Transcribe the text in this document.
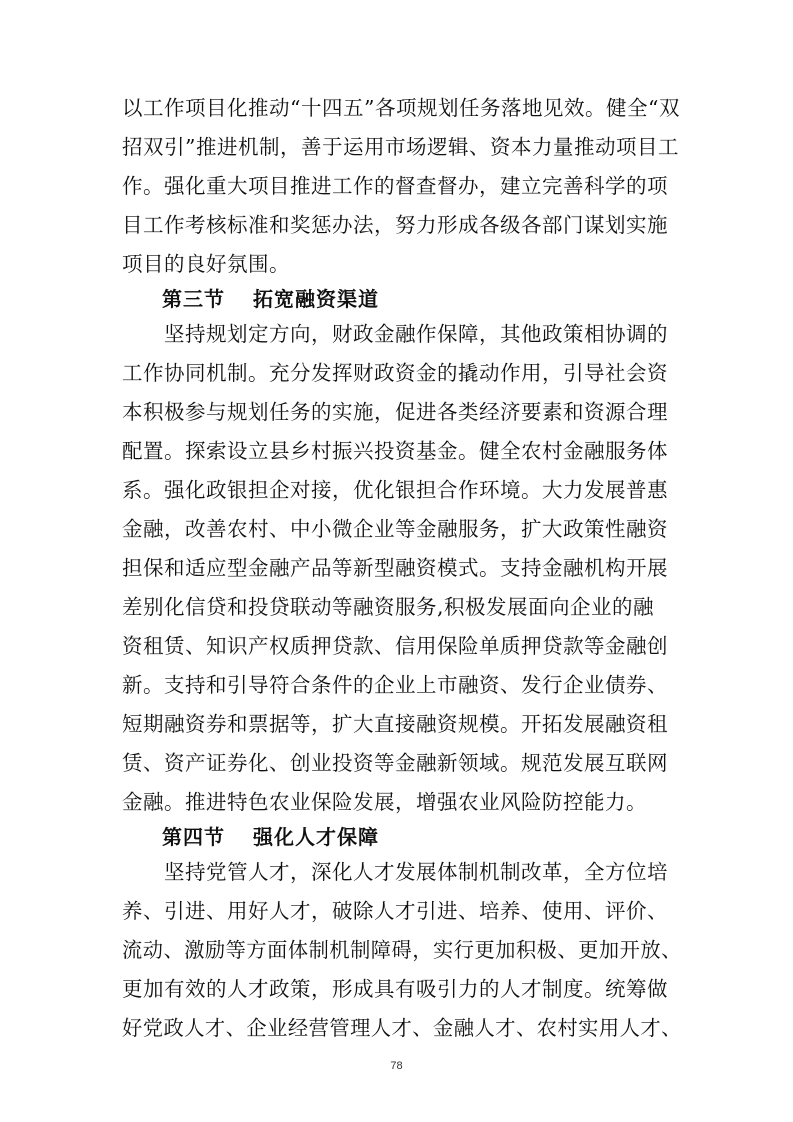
以工作项目化推动“十四五”各项规划任务落地见效。健全“双
招双引”推进机制，善于运用市场逻辑、资本力量推动项目工
作。强化重大项目推进工作的督查督办，建立完善科学的项
目工作考核标准和奖惩办法，努力形成各级各部门谋划实施
项目的良好氛围。
第三节 拓宽融资渠道
　　坚持规划定方向，财政金融作保障，其他政策相协调的
工作协同机制。充分发挥财政资金的撬动作用，引导社会资
本积极参与规划任务的实施，促进各类经济要素和资源合理
配置。探索设立县乡村振兴投资基金。健全农村金融服务体
系。强化政银担企对接，优化银担合作环境。大力发展普惠
金融，改善农村、中小微企业等金融服务，扩大政策性融资
担保和适应型金融产品等新型融资模式。支持金融机构开展
差别化信贷和投贷联动等融资服务,积极发展面向企业的融
资租赁、知识产权质押贷款、信用保险单质押贷款等金融创
新。支持和引导符合条件的企业上市融资、发行企业债券、
短期融资券和票据等，扩大直接融资规模。开拓发展融资租
赁、资产证券化、创业投资等金融新领域。规范发展互联网
金融。推进特色农业保险发展，增强农业风险防控能力。
第四节 强化人才保障
　　坚持党管人才，深化人才发展体制机制改革，全方位培
养、引进、用好人才，破除人才引进、培养、使用、评价、
流动、激励等方面体制机制障碍，实行更加积极、更加开放、
更加有效的人才政策，形成具有吸引力的人才制度。统筹做
好党政人才、企业经营管理人才、金融人才、农村实用人才、
78
